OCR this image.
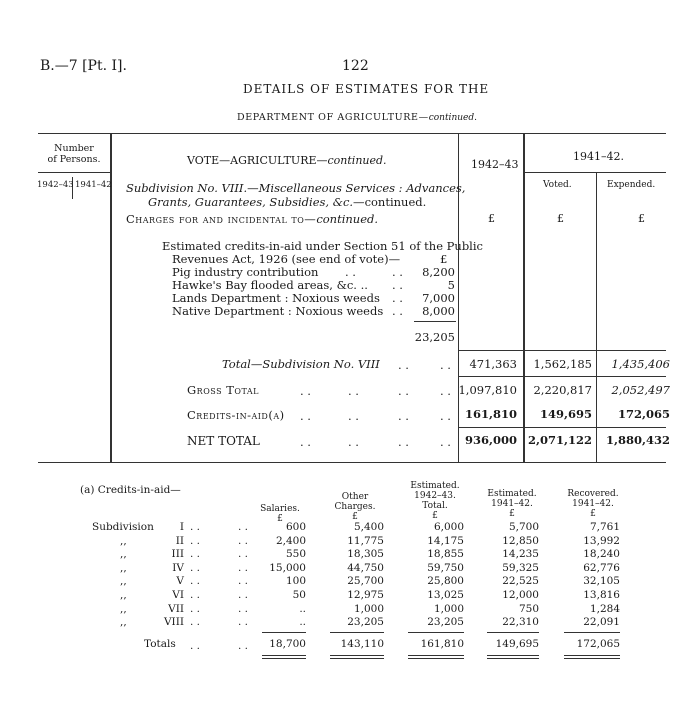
B.—7 [Pt. I].	122
DETAILS OF ESTIMATES FOR THE
DEPARTMENT OF AGRICULTURE—continued.
Number
of Persons.
1942–43 1941–42
VOTE—AGRICULTURE—continued.	1942–43
1941–42.
Voted.	Expended.
£	£	£
Subdivision No. VIII.—Miscellaneous Services : Advances,
Grants, Guarantees, Subsidies, &c.—continued.
Charges for and incidental to—continued.
Estimated credits-in-aid under Section 51 of the Public
Revenues Act, 1926 (see end of vote)—	£
Pig industry contribution . .	. . 8,200
Hawke's Bay flooded areas, &c. .. . .	5
Lands Department : Noxious weeds . . 7,000
Native Department : Noxious weeds . . 8,000
23,205
Total—Subdivision No. VIII . .	. . 471,363 1,562,185 1,435,406
Gross Total	. .	. .	. .	. . 1,097,810 2,220,817 2,052,497
Credits-in-aid(a) . .	. .	. .	. . 161,810 149,695 172,065
NET TOTAL	. .	. .	. .	. . 936,000 2,071,122 1,880,432
(a) Credits-in-aid—
Salaries.
£
Other
Charges.
£
Estimated.
1942–43.
Total.
£
Estimated.
1941–42.
£
Recovered.
1941–42.
£
Subdivision I . .	. .	600	5,400	6,000	5,700	7,761
,,	II . .	. .	2,400	11,775	14,175	12,850	13,992
,,	III . .	. .	550	18,305	18,855	14,235	18,240
,,	IV . .	. . 15,000	44,750	59,750	59,325	62,776
,,	V . .	. .	100	25,700	25,800	22,525	32,105
,,	VI . .	. .	50	12,975	13,025	12,000	13,816
,,	VII . .	. .	..	1,000	1,000	750	1,284
,,	VIII . .	. .	..	23,205	23,205	22,310	22,091
Totals . .	. . 18,700	143,110	161,810	149,695	172,065
